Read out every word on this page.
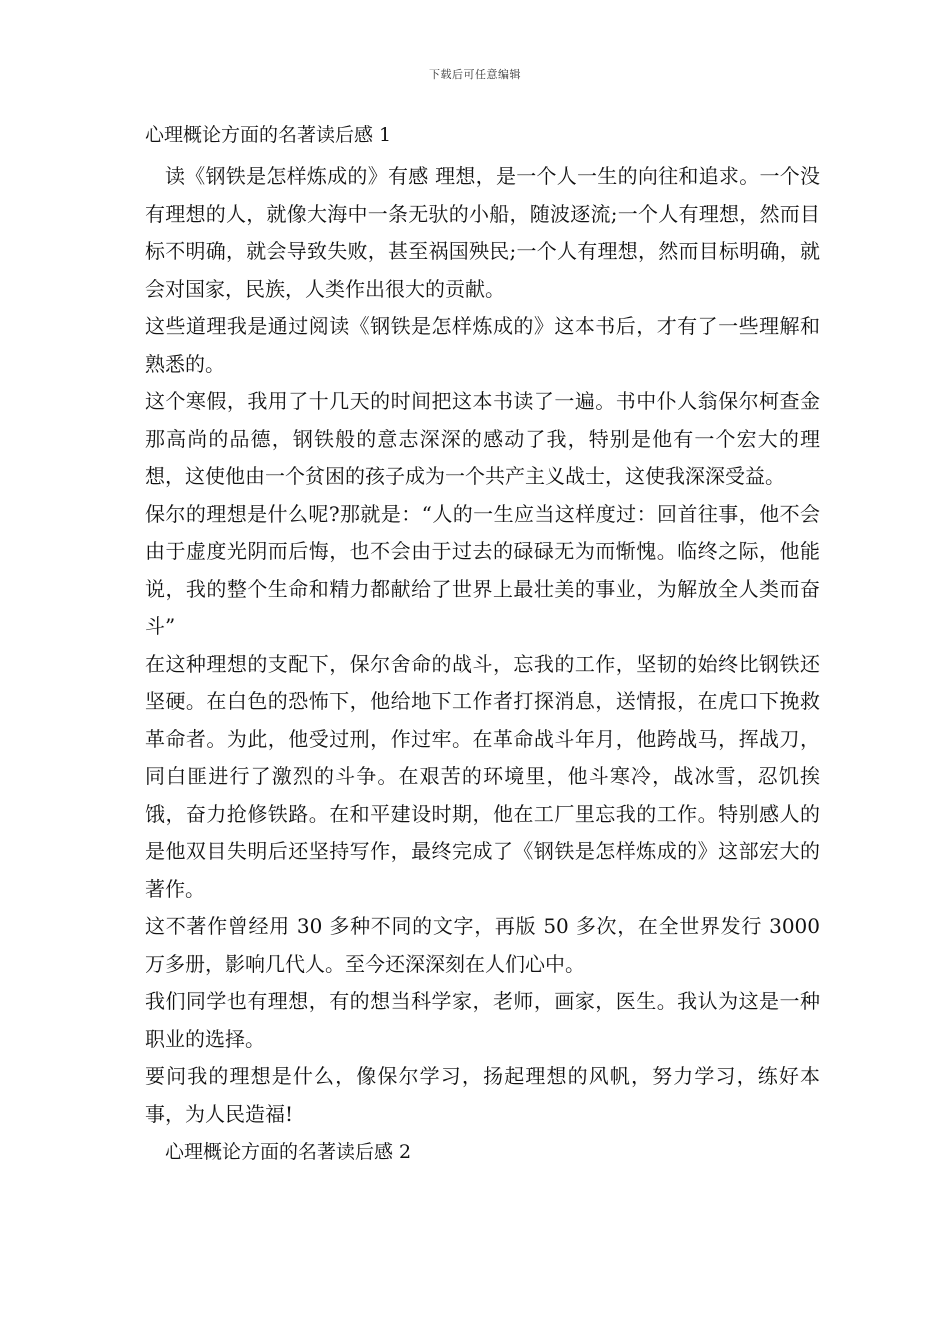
下载后可任意编辑
心理概论方面的名著读后感 1

读《钢铁是怎样炼成的》有感 理想，是一个人一生的向往和追求。一个没有理想的人，就像大海中一条无驮的小船，随波逐流;一个人有理想，然而目标不明确，就会导致失败，甚至祸国殃民;一个人有理想，然而目标明确，就会对国家，民族，人类作出很大的贡献。

这些道理我是通过阅读《钢铁是怎样炼成的》这本书后，才有了一些理解和熟悉的。

这个寒假，我用了十几天的时间把这本书读了一遍。书中仆人翁保尔柯查金那高尚的品德，钢铁般的意志深深的感动了我，特别是他有一个宏大的理想，这使他由一个贫困的孩子成为一个共产主义战士，这使我深深受益。

保尔的理想是什么呢?那就是：“人的一生应当这样度过：回首往事，他不会由于虚度光阴而后悔，也不会由于过去的碌碌无为而惭愧。临终之际，他能说，我的整个生命和精力都献给了世界上最壮美的事业，为解放全人类而奋斗”

在这种理想的支配下，保尔舍命的战斗，忘我的工作，坚韧的始终比钢铁还坚硬。在白色的恐怖下，他给地下工作者打探消息，送情报，在虎口下挽救革命者。为此，他受过刑，作过牢。在革命战斗年月，他跨战马，挥战刀，同白匪进行了激烈的斗争。在艰苦的环境里，他斗寒冷，战冰雪，忍饥挨饿，奋力抢修铁路。在和平建设时期，他在工厂里忘我的工作。特别感人的是他双目失明后还坚持写作，最终完成了《钢铁是怎样炼成的》这部宏大的著作。

这不著作曾经用 30 多种不同的文字，再版 50 多次，在全世界发行 3000 万多册，影响几代人。至今还深深刻在人们心中。

我们同学也有理想，有的想当科学家，老师，画家，医生。我认为这是一种职业的选择。

要问我的理想是什么，像保尔学习，扬起理想的风帆，努力学习，练好本事，为人民造福!

心理概论方面的名著读后感 2
